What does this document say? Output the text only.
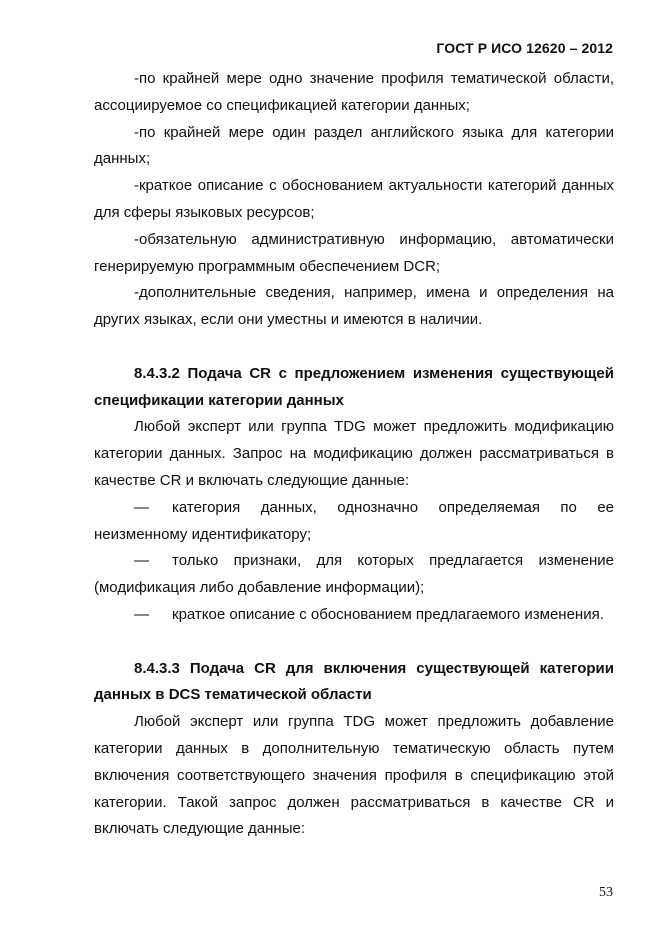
ГОСТ Р ИСО 12620 – 2012

-по крайней мере одно значение профиля тематической области, ассоциируемое со спецификацией категории данных;

-по крайней мере один раздел английского языка для категории данных;

-краткое описание с обоснованием актуальности категорий данных для сферы языковых ресурсов;

-обязательную административную информацию, автоматически генерируемую программным обеспечением DCR;

-дополнительные сведения, например, имена и определения на других языках, если они уместны и имеются в наличии.

8.4.3.2 Подача CR с предложением изменения существующей спецификации категории данных

Любой эксперт или группа TDG может предложить модификацию категории данных. Запрос на модификацию должен рассматриваться в качестве CR и включать следующие данные:

— категория данных, однозначно определяемая по ее неизменному идентификатору;

— только признаки, для которых предлагается изменение (модификация либо добавление информации);

— краткое описание с обоснованием предлагаемого изменения.

8.4.3.3 Подача CR для включения существующей категории данных в DCS тематической области

Любой эксперт или группа TDG может предложить добавление категории данных в дополнительную тематическую область путем включения соответствующего значения профиля в спецификацию этой категории. Такой запрос должен рассматриваться в качестве CR и включать следующие данные:

53
